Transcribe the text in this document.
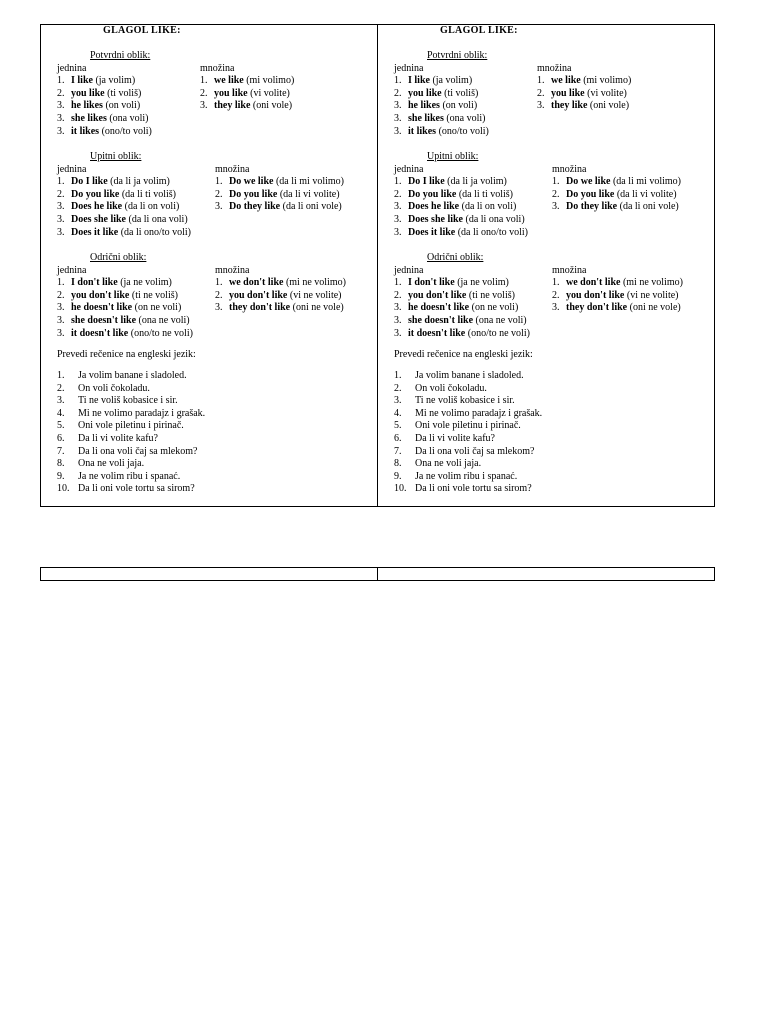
GLAGOL LIKE:
Potvrdni oblik:
jednina
1. I like (ja volim)
2. you like (ti voliš)
3. he likes (on voli)
3. she likes (ona voli)
3. it likes (ono/to voli)
množina
1. we like (mi volimo)
2. you like (vi volite)
3. they like (oni vole)
Upitni oblik:
jednina
1. Do I like (da li ja volim)
2. Do you like (da li ti voliš)
3. Does he like (da li on voli)
3. Does she like (da li ona voli)
3. Does it like (da li ono/to voli)
množina
1. Do we like (da li mi volimo)
2. Do you like (da li vi volite)
3. Do they like (da li oni vole)
Odrični oblik:
jednina
1. I don't like (ja ne volim)
2. you don't like (ti ne voliš)
3. he doesn't like (on ne voli)
3. she doesn't like (ona ne voli)
3. it doesn't like (ono/to ne voli)
množina
1. we don't like (mi ne volimo)
2. you don't like (vi ne volite)
3. they don't like (oni ne vole)
Prevedi rečenice na engleski jezik:
1. Ja volim banane i sladoled.
2. On voli čokoladu.
3. Ti ne voliš kobasice i sir.
4. Mi ne volimo paradajz i grašak.
5. Oni vole piletinu i pirinač.
6. Da li vi volite kafu?
7. Da li ona voli čaj sa mlekom?
8. Ona ne voli jaja.
9. Ja ne volim ribu i spanać.
10. Da li oni vole tortu sa sirom?
GLAGOL LIKE:
Potvrdni oblik:
jednina
1. I like (ja volim)
2. you like (ti voliš)
3. he likes (on voli)
3. she likes (ona voli)
3. it likes (ono/to voli)
množina
1. we like (mi volimo)
2. you like (vi volite)
3. they like (oni vole)
Upitni oblik:
jednina
1. Do I like (da li ja volim)
2. Do you like (da li ti voliš)
3. Does he like (da li on voli)
3. Does she like (da li ona voli)
3. Does it like (da li ono/to voli)
množina
1. Do we like (da li mi volimo)
2. Do you like (da li vi volite)
3. Do they like (da li oni vole)
Odrični oblik:
jednina
1. I don't like (ja ne volim)
2. you don't like (ti ne voliš)
3. he doesn't like (on ne voli)
3. she doesn't like (ona ne voli)
3. it doesn't like (ono/to ne voli)
množina
1. we don't like (mi ne volimo)
2. you don't like (vi ne volite)
3. they don't like (oni ne vole)
Prevedi rečenice na engleski jezik:
1. Ja volim banane i sladoled.
2. On voli čokoladu.
3. Ti ne voliš kobasice i sir.
4. Mi ne volimo paradajz i grašak.
5. Oni vole piletinu i pirinač.
6. Da li vi volite kafu?
7. Da li ona voli čaj sa mlekom?
8. Ona ne voli jaja.
9. Ja ne volim ribu i spanać.
10. Da li oni vole tortu sa sirom?
